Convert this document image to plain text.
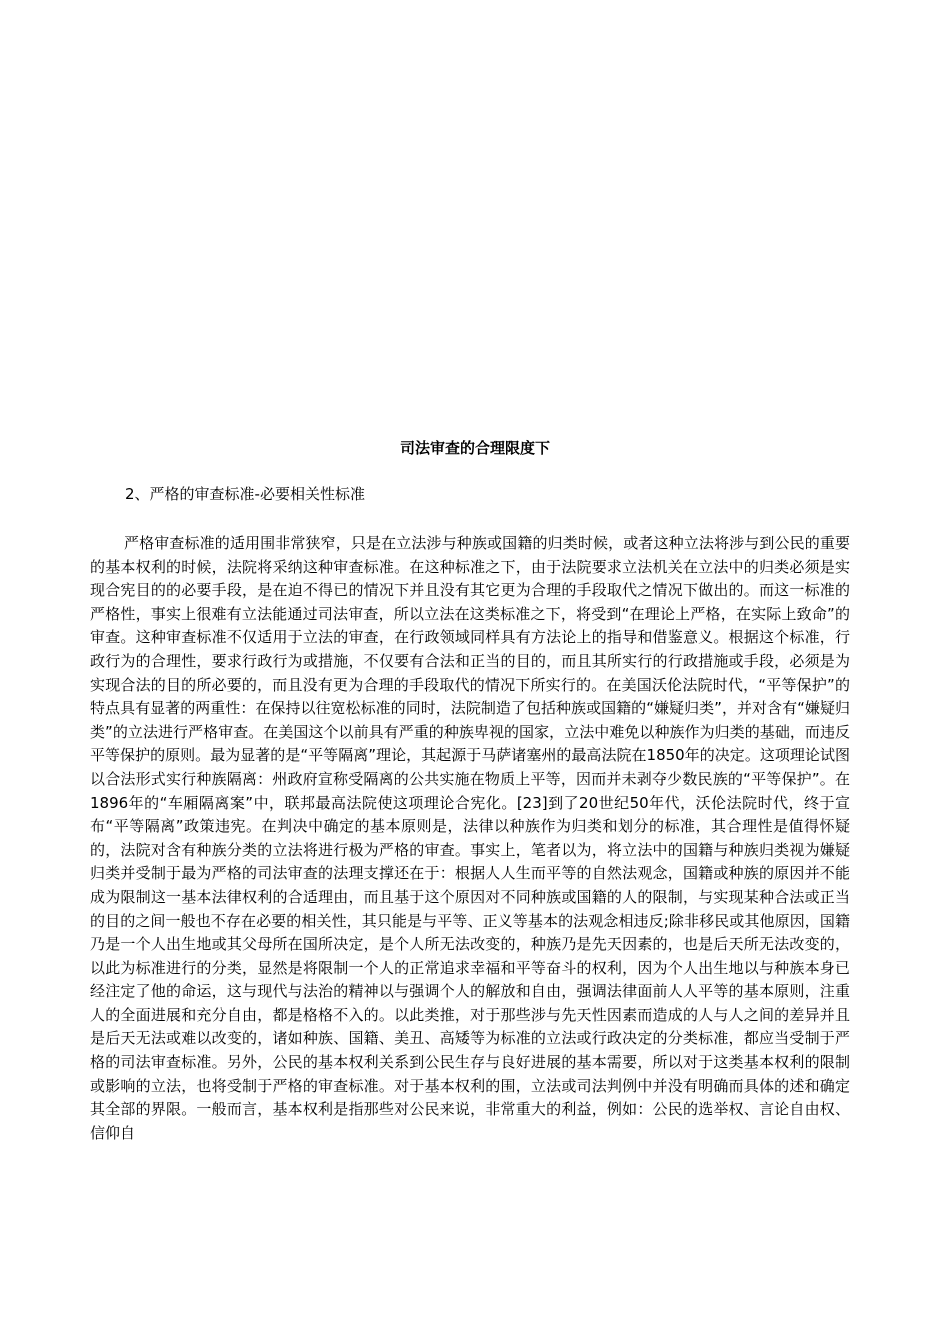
司法审查的合理限度下
2、严格的审查标准-必要相关性标准

严格审查标准的适用围非常狭窄，只是在立法涉与种族或国籍的归类时候，或者这种立法将涉与到公民的重要的基本权利的时候，法院将采纳这种审查标准。在这种标准之下，由于法院要求立法机关在立法中的归类必须是实现合宪目的的必要手段，是在迫不得已的情况下并且没有其它更为合理的手段取代之情况下做出的。而这一标准的严格性，事实上很难有立法能通过司法审查，所以立法在这类标准之下，将受到“在理论上严格，在实际上致命”的审查。这种审查标准不仅适用于立法的审查，在行政领域同样具有方法论上的指导和借鉴意义。根据这个标准，行政行为的合理性，要求行政行为或措施，不仅要有合法和正当的目的，而且其所实行的行政措施或手段，必须是为实现合法的目的所必要的，而且没有更为合理的手段取代的情况下所实行的。在美国沃伦法院时代，“平等保护”的特点具有显著的两重性：在保持以往宽松标准的同时，法院制造了包括种族或国籍的“嫌疑归类”，并对含有“嫌疑归类”的立法进行严格审查。在美国这个以前具有严重的种族卑视的国家，立法中难免以种族作为归类的基础，而违反平等保护的原则。最为显著的是“平等隔离”理论，其起源于马萨诸塞州的最高法院在1850年的决定。这项理论试图以合法形式实行种族隔离：州政府宣称受隔离的公共实施在物质上平等，因而并未剥夺少数民族的“平等保护”。在1896年的“车厢隔离案”中，联邦最高法院使这项理论合宪化。[23]到了20世纪50年代，沃伦法院时代，终于宣布“平等隔离”政策违宪。在判决中确定的基本原则是，法律以种族作为归类和划分的标准，其合理性是值得怀疑的，法院对含有种族分类的立法将进行极为严格的审查。事实上，笔者以为，将立法中的国籍与种族归类视为嫌疑归类并受制于最为严格的司法审查的法理支撑还在于：根据人人生而平等的自然法观念，国籍或种族的原因并不能成为限制这一基本法律权利的合适理由，而且基于这个原因对不同种族或国籍的人的限制，与实现某种合法或正当的目的之间一般也不存在必要的相关性，其只能是与平等、正义等基本的法观念相违反;除非移民或其他原因，国籍乃是一个人出生地或其父母所在国所决定，是个人所无法改变的，种族乃是先天因素的，也是后天所无法改变的，以此为标准进行的分类，显然是将限制一个人的正常追求幸福和平等奋斗的权利，因为个人出生地以与种族本身已经注定了他的命运，这与现代与法治的精神以与强调个人的解放和自由，强调法律面前人人平等的基本原则，注重人的全面进展和充分自由，都是格格不入的。以此类推，对于那些涉与先天性因素而造成的人与人之间的差异并且是后天无法或难以改变的，诸如种族、国籍、美丑、高矮等为标准的立法或行政决定的分类标准，都应当受制于严格的司法审查标准。另外，公民的基本权利关系到公民生存与良好进展的基本需要，所以对于这类基本权利的限制或影响的立法，也将受制于严格的审查标准。对于基本权利的围，立法或司法判例中并没有明确而具体的述和确定其全部的界限。一般而言，基本权利是指那些对公民来说，非常重大的利益，例如：公民的选举权、言论自由权、信仰自
